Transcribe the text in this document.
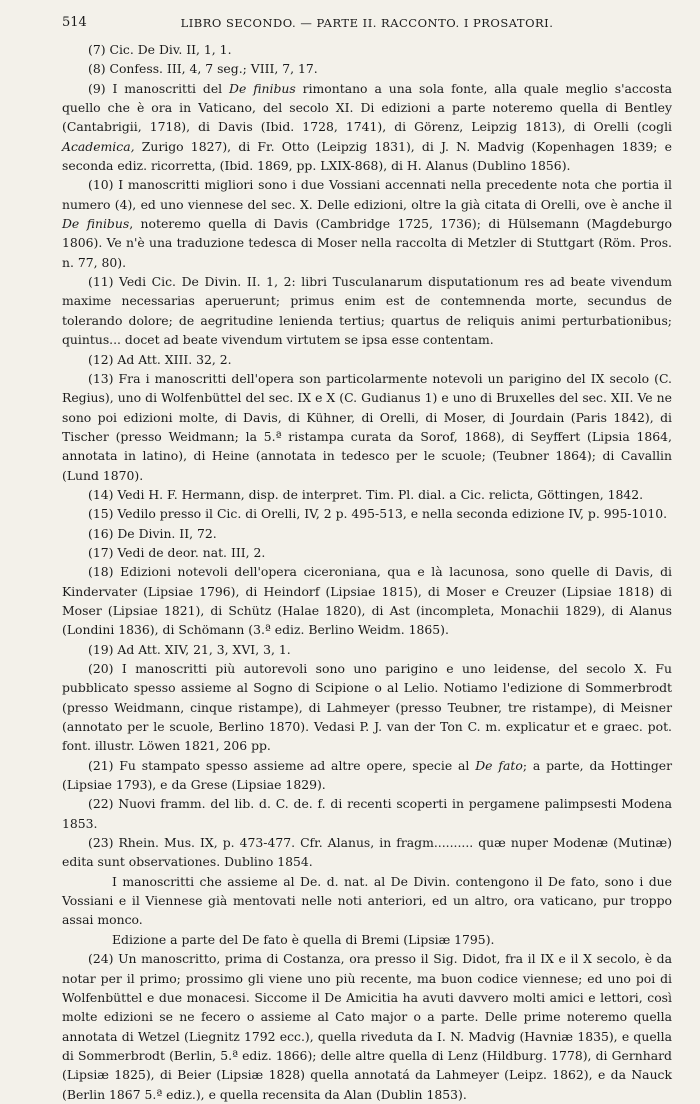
514	LIBRO SECONDO. — PARTE II. RACCONTO. I PROSATORI.

(7) Cic. De Div. II, 1, 1.

(8) Confess. III, 4, 7 seg.; VIII, 7, 17.

(9) I manoscritti del De finibus rimontano a una sola fonte, alla quale meglio s'accosta quello che è ora in Vaticano, del secolo XI. Di edizioni a parte noteremo quella di Bentley (Cantabrigii, 1718), di Davis (Ibid. 1728, 1741), di Görenz, Leipzig 1813), di Orelli (cogli Academica, Zurigo 1827), di Fr. Otto (Leipzig 1831), di J. N. Madvig (Kopenhagen 1839; e seconda ediz. ricorretta, (Ibid. 1869, pp. LXIX-868), di H. Alanus (Dublino 1856).

(10) I manoscritti migliori sono i due Vossiani accennati nella precedente nota che portia il numero (4), ed uno viennese del sec. X. Delle edizioni, oltre la già citata di Orelli, ove è anche il De finibus, noteremo quella di Davis (Cambridge 1725, 1736); di Hülsemann (Magdeburgo 1806). Ve n'è una traduzione tedesca di Moser nella raccolta di Metzler di Stuttgart (Röm. Pros. n. 77, 80).

(11) Vedi Cic. De Divin. II. 1, 2: libri Tusculanarum disputationum res ad beate vivendum maxime necessarias aperuerunt; primus enim est de contemnenda morte, secundus de tolerando dolore; de aegritudine lenienda tertius; quartus de reliquis animi perturbationibus; quintus... docet ad beate vivendum virtutem se ipsa esse contentam.

(12) Ad Att. XIII. 32, 2.

(13) Fra i manoscritti dell'opera son particolarmente notevoli un parigino del IX secolo (C. Regius), uno di Wolfenbüttel del sec. IX e X (C. Gudianus 1) e uno di Bruxelles del sec. XII. Ve ne sono poi edizioni molte, di Davis, di Kühner, di Orelli, di Moser, di Jourdain (Paris 1842), di Tischer (presso Weidmann; la 5.ª ristampa curata da Sorof, 1868), di Seyffert (Lipsia 1864, annotata in latino), di Heine (annotata in tedesco per le scuole; (Teubner 1864); di Cavallin (Lund 1870).

(14) Vedi H. F. Hermann, disp. de interpret. Tim. Pl. dial. a Cic. relicta, Göttingen, 1842.

(15) Vedilo presso il Cic. di Orelli, IV, 2 p. 495-513, e nella seconda edizione IV, p. 995-1010.

(16) De Divin. II, 72.

(17) Vedi de deor. nat. III, 2.

(18) Edizioni notevoli dell'opera ciceroniana, qua e là lacunosa, sono quelle di Davis, di Kindervater (Lipsiae 1796), di Heindorf (Lipsiae 1815), di Moser e Creuzer (Lipsiae 1818) di Moser (Lipsiae 1821), di Schütz (Halae 1820), di Ast (incompleta, Monachii 1829), di Alanus (Londini 1836), di Schömann (3.ª ediz. Berlino Weidm. 1865).

(19) Ad Att. XIV, 21, 3, XVI, 3, 1.

(20) I manoscritti più autorevoli sono uno parigino e uno leidense, del secolo X. Fu pubblicato spesso assieme al Sogno di Scipione o al Lelio. Notiamo l'edizione di Sommerbrodt (presso Weidmann, cinque ristampe), di Lahmeyer (presso Teubner, tre ristampe), di Meisner (annotato per le scuole, Berlino 1870). Vedasi P. J. van der Ton C. m. explicatur et e graec. pot. font. illustr. Löwen 1821, 206 pp.

(21) Fu stampato spesso assieme ad altre opere, specie al De fato; a parte, da Hottinger (Lipsiae 1793), e da Grese (Lipsiae 1829).

(22) Nuovi framm. del lib. d. C. de. f. di recenti scoperti in pergamene palimpsesti Modena 1853.

(23) Rhein. Mus. IX, p. 473-477. Cfr. Alanus, in fragm.......... quæ nuper Modenæ (Mutinæ) edita sunt observationes. Dublino 1854.

I manoscritti che assieme al De. d. nat. al De Divin. contengono il De fato, sono i due Vossiani e il Viennese già mentovati nelle noti anteriori, ed un altro, ora vaticano, pur troppo assai monco.

Edizione a parte del De fato è quella di Bremi (Lipsiæ 1795).

(24) Un manoscritto, prima di Costanza, ora presso il Sig. Didot, fra il IX e il X secolo, è da notar per il primo; prossimo gli viene uno più recente, ma buon codice viennese; ed uno poi di Wolfenbüttel e due monacesi. Siccome il De Amicitia ha avuti davvero molti amici e lettori, così molte edizioni se ne fecero o assieme al Cato major o a parte. Delle prime noteremo quella annotata di Wetzel (Liegnitz 1792 ecc.), quella riveduta da I. N. Madvig (Havniæ 1835), e quella di Sommerbrodt (Berlin, 5.ª ediz. 1866); delle altre quella di Lenz (Hildburg. 1778), di Gernhard (Lipsiæ 1825), di Beier (Lipsiæ 1828) quella annotatá da Lahmeyer (Leipz. 1862), e da Nauck (Berlin 1867 5.ª ediz.), e quella recensita da Alan (Dublin 1853).
